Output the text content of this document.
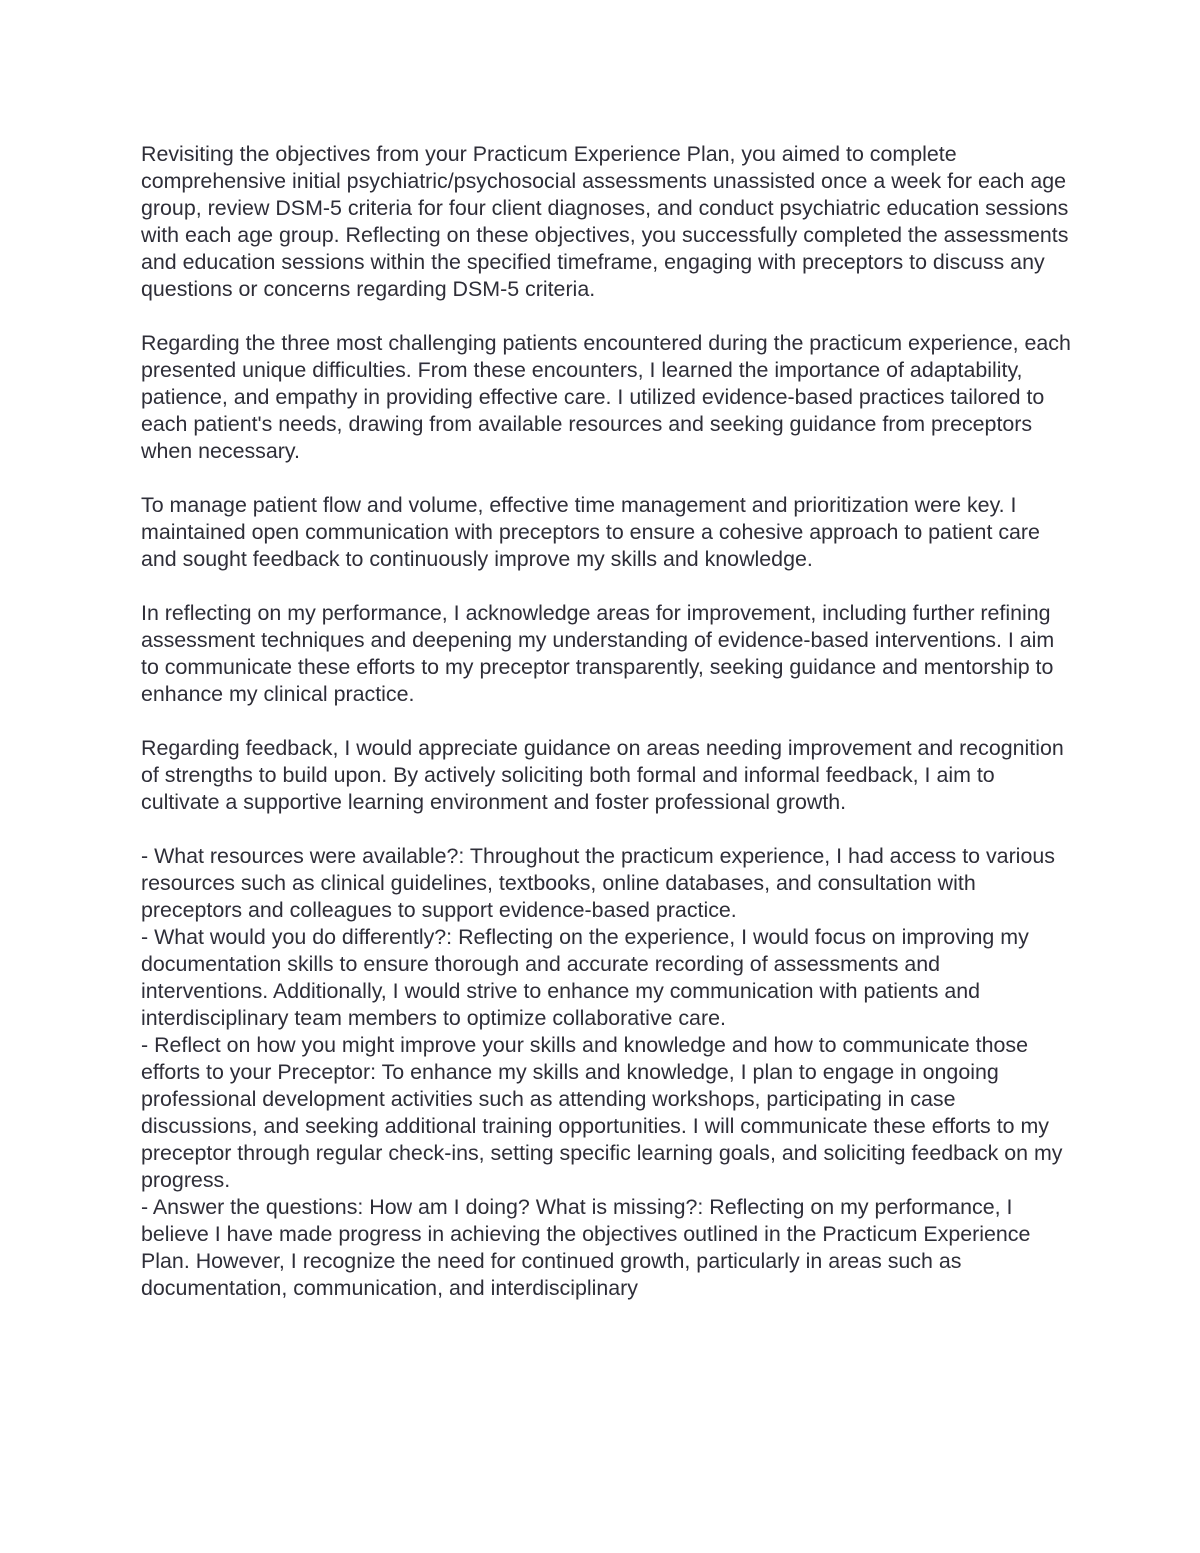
Revisiting the objectives from your Practicum Experience Plan, you aimed to complete comprehensive initial psychiatric/psychosocial assessments unassisted once a week for each age group, review DSM-5 criteria for four client diagnoses, and conduct psychiatric education sessions with each age group. Reflecting on these objectives, you successfully completed the assessments and education sessions within the specified timeframe, engaging with preceptors to discuss any questions or concerns regarding DSM-5 criteria.

Regarding the three most challenging patients encountered during the practicum experience, each presented unique difficulties. From these encounters, I learned the importance of adaptability, patience, and empathy in providing effective care. I utilized evidence-based practices tailored to each patient's needs, drawing from available resources and seeking guidance from preceptors when necessary.

To manage patient flow and volume, effective time management and prioritization were key. I maintained open communication with preceptors to ensure a cohesive approach to patient care and sought feedback to continuously improve my skills and knowledge.

In reflecting on my performance, I acknowledge areas for improvement, including further refining assessment techniques and deepening my understanding of evidence-based interventions. I aim to communicate these efforts to my preceptor transparently, seeking guidance and mentorship to enhance my clinical practice.

Regarding feedback, I would appreciate guidance on areas needing improvement and recognition of strengths to build upon. By actively soliciting both formal and informal feedback, I aim to cultivate a supportive learning environment and foster professional growth.

- What resources were available?: Throughout the practicum experience, I had access to various resources such as clinical guidelines, textbooks, online databases, and consultation with preceptors and colleagues to support evidence-based practice.
- What would you do differently?: Reflecting on the experience, I would focus on improving my documentation skills to ensure thorough and accurate recording of assessments and interventions. Additionally, I would strive to enhance my communication with patients and interdisciplinary team members to optimize collaborative care.
- Reflect on how you might improve your skills and knowledge and how to communicate those efforts to your Preceptor: To enhance my skills and knowledge, I plan to engage in ongoing professional development activities such as attending workshops, participating in case discussions, and seeking additional training opportunities. I will communicate these efforts to my preceptor through regular check-ins, setting specific learning goals, and soliciting feedback on my progress.
- Answer the questions: How am I doing? What is missing?: Reflecting on my performance, I believe I have made progress in achieving the objectives outlined in the Practicum Experience Plan. However, I recognize the need for continued growth, particularly in areas such as documentation, communication, and interdisciplinary
